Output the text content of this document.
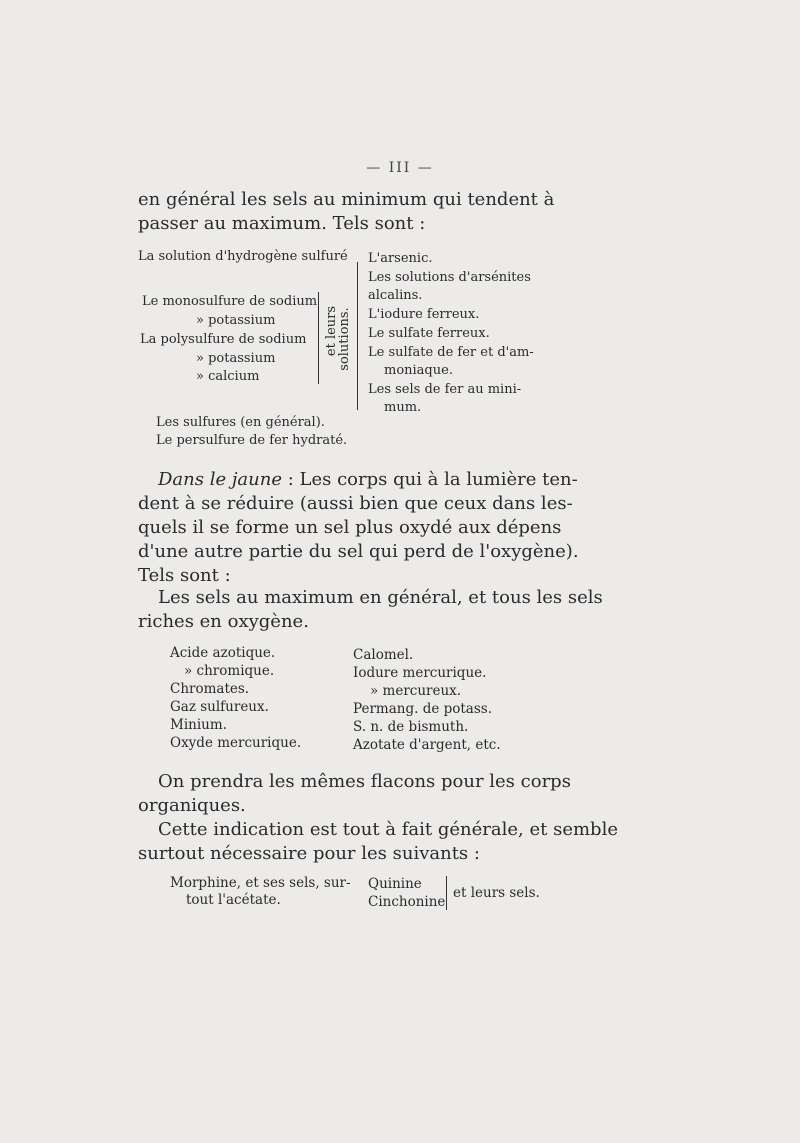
— III —
en général les sels au minimum qui tendent à
passer au maximum. Tels sont :
La solution d'hydrogène sulfuré
Le monosulfure de sodium
» potassium
La polysulfure de sodium
» potassium
» calcium
et leurs
solutions.
Les sulfures (en général).
Le persulfure de fer hydraté.
L'arsenic.
Les solutions d'arsénites
alcalins.
L'iodure ferreux.
Le sulfate ferreux.
Le sulfate de fer et d'am-
moniaque.
Les sels de fer au mini-
mum.
Dans le jaune : Les corps qui à la lumière ten-
dent à se réduire (aussi bien que ceux dans les-
quels il se forme un sel plus oxydé aux dépens
d'une autre partie du sel qui perd de l'oxygène).
Tels sont :
Les sels au maximum en général, et tous les sels
riches en oxygène.
Acide azotique.
» chromique.
Chromates.
Gaz sulfureux.
Minium.
Oxyde mercurique.
Calomel.
Iodure mercurique.
» mercureux.
Permang. de potass.
S. n. de bismuth.
Azotate d'argent, etc.
On prendra les mêmes flacons pour les corps
organiques.
Cette indication est tout à fait générale, et semble
surtout nécessaire pour les suivants :
Morphine, et ses sels, sur-
tout l'acétate.
Quinine
Cinchonine
et leurs sels.
